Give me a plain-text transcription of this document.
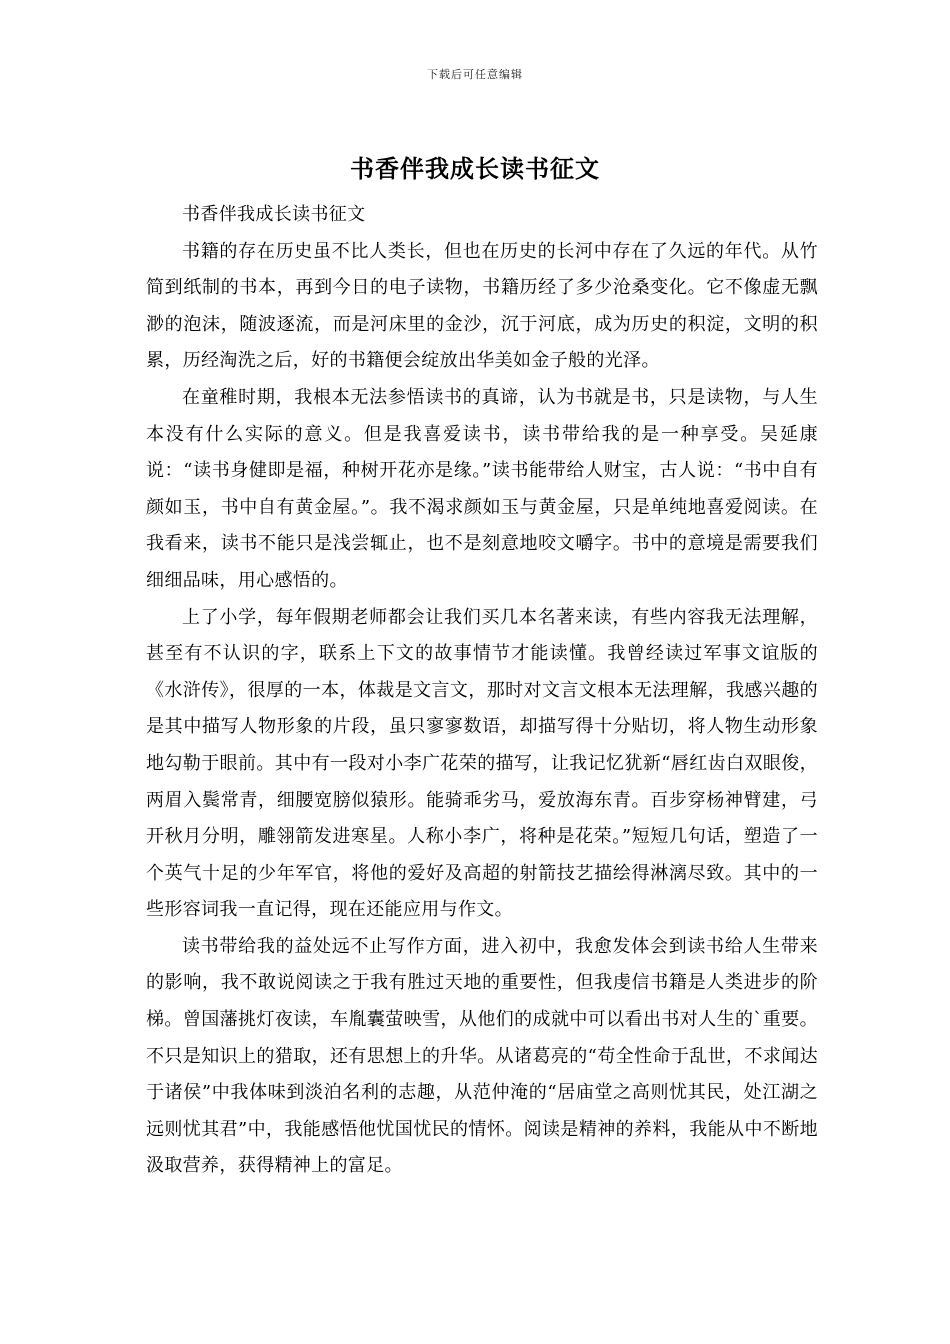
下载后可任意编辑
书香伴我成长读书征文

书香伴我成长读书征文

书籍的存在历史虽不比人类长，但也在历史的长河中存在了久远的年代。从竹简到纸制的书本，再到今日的电子读物，书籍历经了多少沧桑变化。它不像虚无飘渺的泡沫，随波逐流，而是河床里的金沙，沉于河底，成为历史的积淀，文明的积累，历经淘洗之后，好的书籍便会绽放出华美如金子般的光泽。

在童稚时期，我根本无法参悟读书的真谛，认为书就是书，只是读物，与人生本没有什么实际的意义。但是我喜爱读书，读书带给我的是一种享受。吴延康说：“读书身健即是福，种树开花亦是缘。”读书能带给人财宝，古人说：“书中自有颜如玉，书中自有黄金屋。”。我不渴求颜如玉与黄金屋，只是单纯地喜爱阅读。在我看来，读书不能只是浅尝辄止，也不是刻意地咬文嚼字。书中的意境是需要我们细细品味，用心感悟的。

上了小学，每年假期老师都会让我们买几本名著来读，有些内容我无法理解，甚至有不认识的字，联系上下文的故事情节才能读懂。我曾经读过军事文谊版的《水浒传》，很厚的一本，体裁是文言文，那时对文言文根本无法理解，我感兴趣的是其中描写人物形象的片段，虽只寥寥数语，却描写得十分贴切，将人物生动形象地勾勒于眼前。其中有一段对小李广花荣的描写，让我记忆犹新“唇红齿白双眼俊，两眉入鬓常青，细腰宽膀似猿形。能骑乖劣马，爱放海东青。百步穿杨神臂建，弓开秋月分明，雕翎箭发进寒星。人称小李广，将种是花荣。”短短几句话，塑造了一个英气十足的少年军官，将他的爱好及高超的射箭技艺描绘得淋漓尽致。其中的一些形容词我一直记得，现在还能应用与作文。

读书带给我的益处远不止写作方面，进入初中，我愈发体会到读书给人生带来的影响，我不敢说阅读之于我有胜过天地的重要性，但我虔信书籍是人类进步的阶梯。曾国藩挑灯夜读，车胤囊萤映雪，从他们的成就中可以看出书对人生的`重要。不只是知识上的猎取，还有思想上的升华。从诸葛亮的“苟全性命于乱世，不求闻达于诸侯”中我体味到淡泊名利的志趣，从范仲淹的“居庙堂之高则忧其民，处江湖之远则忧其君”中，我能感悟他忧国忧民的情怀。阅读是精神的养料，我能从中不断地汲取营养，获得精神上的富足。
